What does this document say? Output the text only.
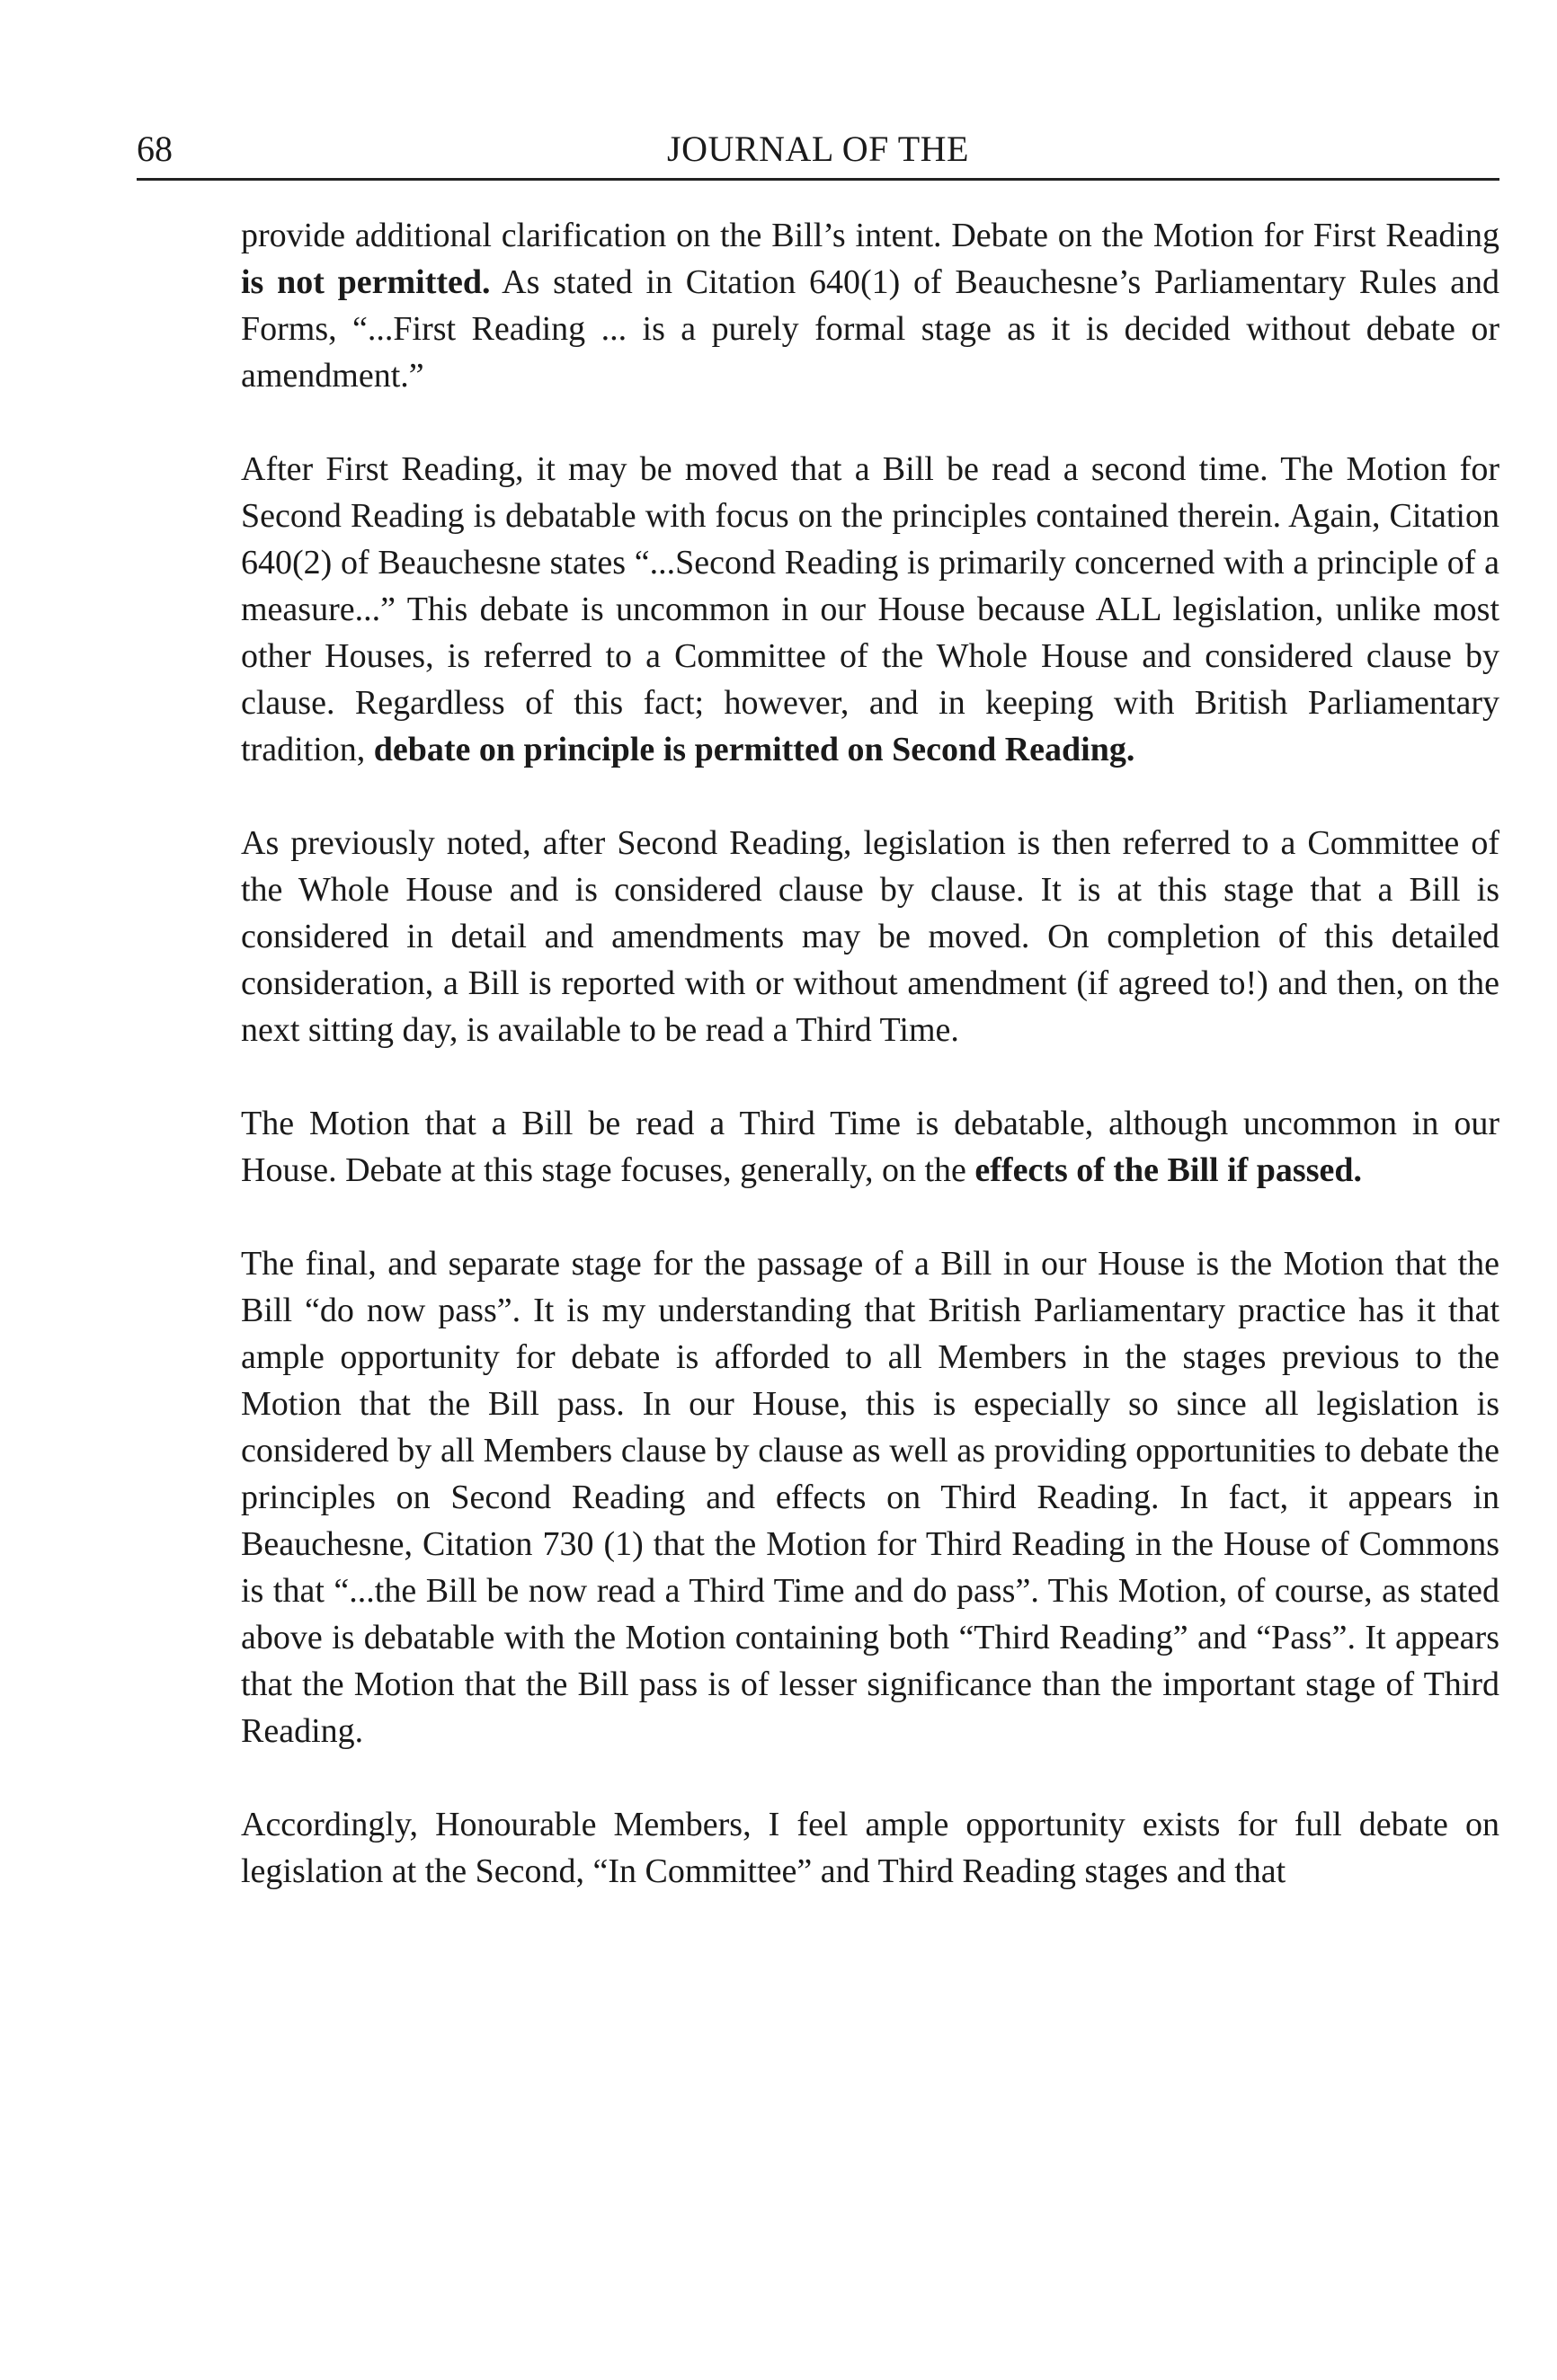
68	JOURNAL OF THE

provide additional clarification on the Bill’s intent. Debate on the Motion for First Reading is not permitted. As stated in Citation 640(1) of Beauchesne’s Parliamentary Rules and Forms, “...First Reading ... is a purely formal stage as it is decided without debate or amendment.”

After First Reading, it may be moved that a Bill be read a second time. The Motion for Second Reading is debatable with focus on the principles contained therein. Again, Citation 640(2) of Beauchesne states “...Second Reading is primarily concerned with a principle of a measure...” This debate is uncommon in our House because ALL legislation, unlike most other Houses, is referred to a Committee of the Whole House and considered clause by clause. Regardless of this fact; however, and in keeping with British Parliamentary tradition, debate on principle is permitted on Second Reading.

As previously noted, after Second Reading, legislation is then referred to a Committee of the Whole House and is considered clause by clause. It is at this stage that a Bill is considered in detail and amendments may be moved. On completion of this detailed consideration, a Bill is reported with or without amendment (if agreed to!) and then, on the next sitting day, is available to be read a Third Time.

The Motion that a Bill be read a Third Time is debatable, although uncommon in our House. Debate at this stage focuses, generally, on the effects of the Bill if passed.

The final, and separate stage for the passage of a Bill in our House is the Motion that the Bill “do now pass”. It is my understanding that British Parliamentary practice has it that ample opportunity for debate is afforded to all Members in the stages previous to the Motion that the Bill pass. In our House, this is especially so since all legislation is considered by all Members clause by clause as well as providing opportunities to debate the principles on Second Reading and effects on Third Reading. In fact, it appears in Beauchesne, Citation 730 (1) that the Motion for Third Reading in the House of Commons is that “...the Bill be now read a Third Time and do pass”. This Motion, of course, as stated above is debatable with the Motion containing both “Third Reading” and “Pass”. It appears that the Motion that the Bill pass is of lesser significance than the important stage of Third Reading.

Accordingly, Honourable Members, I feel ample opportunity exists for full debate on legislation at the Second, “In Committee” and Third Reading stages and that
